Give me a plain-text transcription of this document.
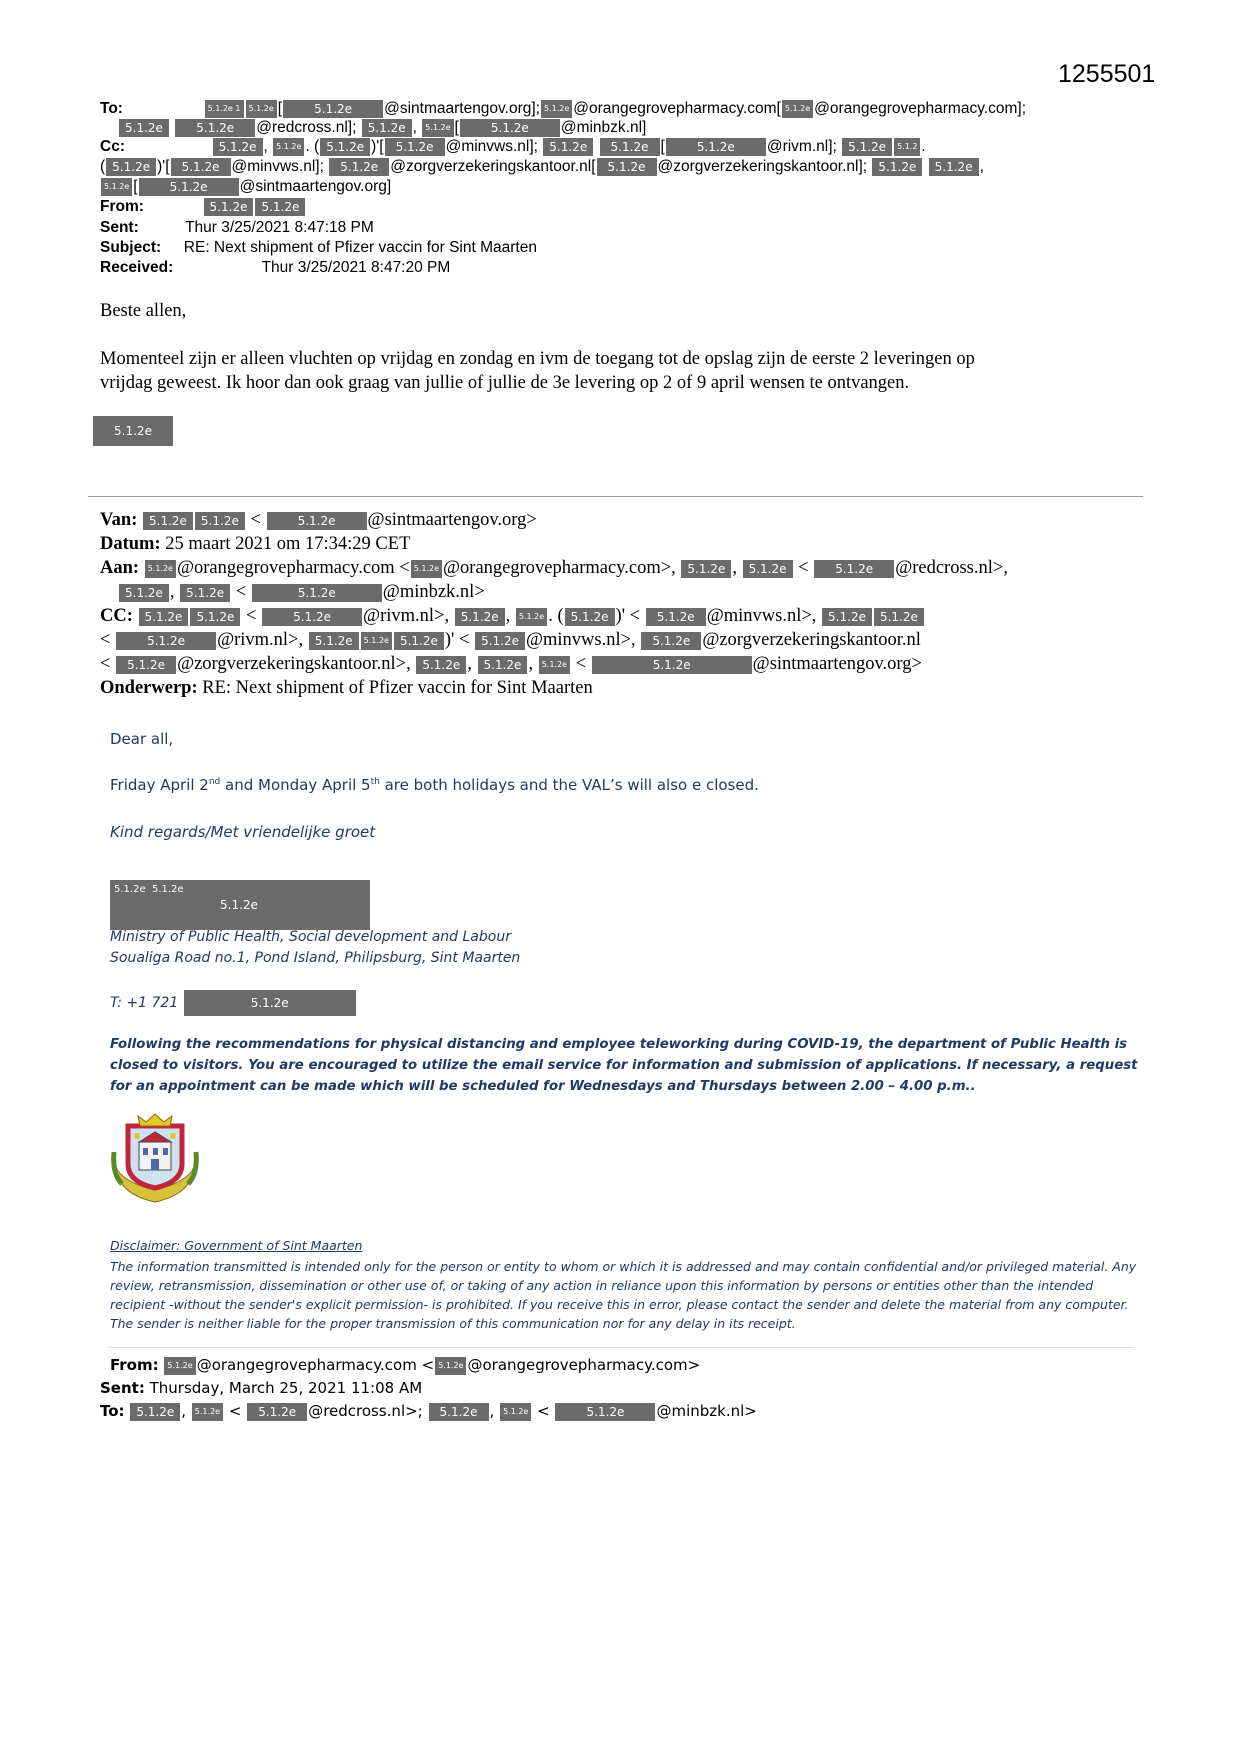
1255501
To:	5.1.2e 1 5.1.2e [	5.1.2e @sintmaartengov.org]; 5.1.2e @orangegrovepharmacy.com[ 5.1.2e @orangegrovepharmacy.com];
5.1.2e	5.1.2e @redcross.nl]; 5.1.2e , 5.1.2e [	5.1.2e @minbzk.nl]
Cc:	5.1.2e , 5.1.2e . ( 5.1.2e )'[ 5.1.2e @minvws.nl]; 5.1.2e 5.1.2e [	5.1.2e @rivm.nl]; 5.1.2e 5.1.2 .
( 5.1.2e )'[ 5.1.2e @minvws.nl]; 5.1.2e @zorgverzekeringskantoor.nl[ 5.1.2e @zorgverzekeringskantoor.nl]; 5.1.2e 5.1.2e ,
5.1.2e [	5.1.2e @sintmaartengov.org]
From:	5.1.2e 5.1.2e
Sent:	Thur 3/25/2021 8:47:18 PM
Subject: RE: Next shipment of Pfizer vaccin for Sint Maarten
Received:	Thur 3/25/2021 8:47:20 PM
Beste allen,
Momenteel zijn er alleen vluchten op vrijdag en zondag en ivm de toegang tot de opslag zijn de eerste 2 leveringen op
vrijdag geweest. Ik hoor dan ook graag van jullie of jullie de 3e levering op 2 of 9 april wensen te ontvangen.
5.1.2e
Van: 5.1.2e 5.1.2e <	5.1.2e @sintmaartengov.org>
Datum: 25 maart 2021 om 17:34:29 CET
Aan: 5.1.2e @orangegrovepharmacy.com < 5.1.2e @orangegrovepharmacy.com>, 5.1.2e , 5.1.2e < 5.1.2e @redcross.nl>,
5.1.2e , 5.1.2e <	5.1.2e	@minbzk.nl>
CC: 5.1.2e 5.1.2e <	5.1.2e @rivm.nl>, 5.1.2e , 5.1.2e . ( 5.1.2e )' < 5.1.2e @minvws.nl>, 5.1.2e 5.1.2e
<	5.1.2e @rivm.nl>, 5.1.2e 5.1.2e 5.1.2e )' < 5.1.2e @minvws.nl>, 5.1.2e @zorgverzekeringskantoor.nl
< 5.1.2e @zorgverzekeringskantoor.nl>, 5.1.2e , 5.1.2e , 5.1.2e <	5.1.2e	@sintmaartengov.org>
Onderwerp: RE: Next shipment of Pfizer vaccin for Sint Maarten
Dear all,
Friday April 2nd and Monday April 5th are both holidays and the VAL’s will also e closed.
Kind regards/Met vriendelijke groet
5.1.2e  5.1.2e
5.1.2e
Ministry of Public Health, Social development and Labour
Soualiga Road no.1, Pond Island, Philipsburg, Sint Maarten
T: +1 721	5.1.2e
Following the recommendations for physical distancing and employee teleworking during COVID-19, the department of Public Health is closed to visitors. You are encouraged to utilize the email service for information and submission of applications. If necessary, a request for an appointment can be made which will be scheduled for Wednesdays and Thursdays between 2.00 – 4.00 p.m..
Disclaimer: Government of Sint Maarten
The information transmitted is intended only for the person or entity to whom or which it is addressed and may contain confidential and/or privileged material. Any review, retransmission, dissemination or other use of, or taking of any action in reliance upon this information by persons or entities other than the intended recipient -without the sender's explicit permission- is prohibited. If you receive this in error, please contact the sender and delete the material from any computer. The sender is neither liable for the proper transmission of this communication nor for any delay in its receipt.
From: 5.1.2e @orangegrovepharmacy.com < 5.1.2e @orangegrovepharmacy.com>
Sent: Thursday, March 25, 2021 11:08 AM
To: 5.1.2e , 5.1.2e < 5.1.2e @redcross.nl>; 5.1.2e , 5.1.2e <	5.1.2e @minbzk.nl>
